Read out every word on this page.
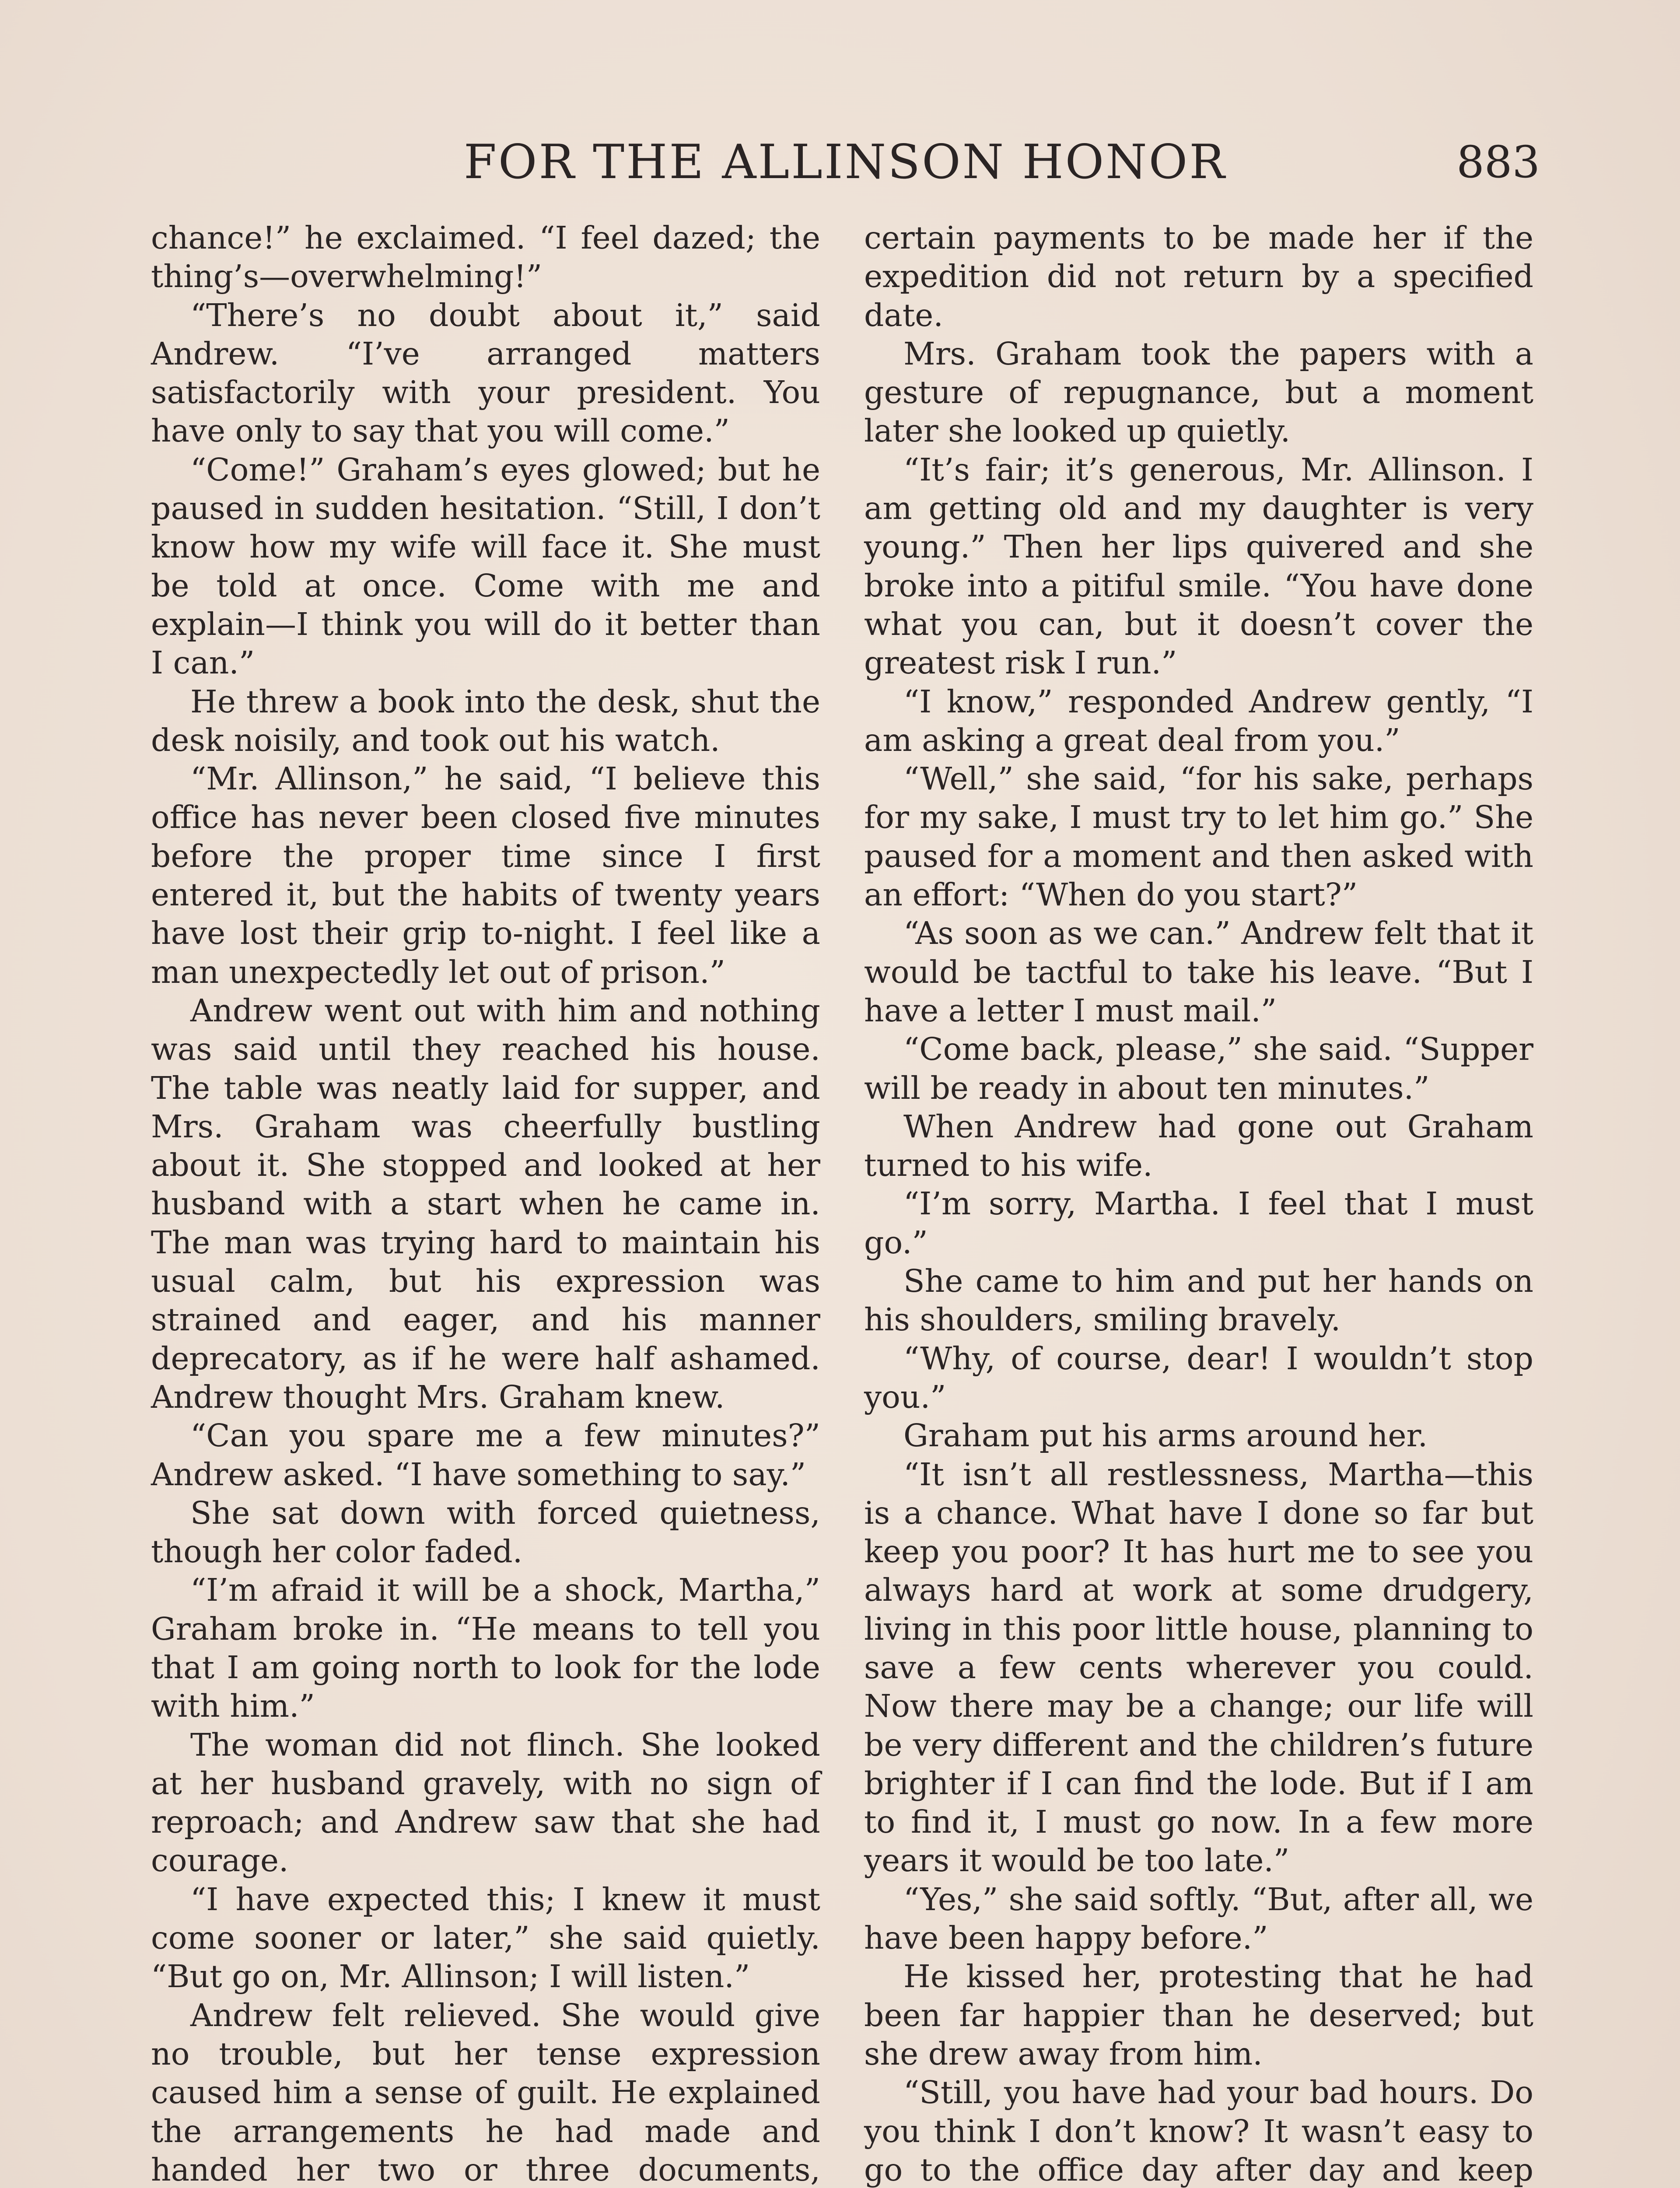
FOR THE ALLINSON HONOR	883

chance!” he exclaimed. “I feel dazed; the thing’s—overwhelming!”

“There’s no doubt about it,” said Andrew. “I’ve arranged matters satisfactorily with your president. You have only to say that you will come.”

“Come!” Graham’s eyes glowed; but he paused in sudden hesitation. “Still, I don’t know how my wife will face it. She must be told at once. Come with me and explain—I think you will do it better than I can.”

He threw a book into the desk, shut the desk noisily, and took out his watch.

“Mr. Allinson,” he said, “I believe this office has never been closed five minutes before the proper time since I first entered it, but the habits of twenty years have lost their grip to-night. I feel like a man unexpectedly let out of prison.”

Andrew went out with him and nothing was said until they reached his house. The table was neatly laid for supper, and Mrs. Graham was cheerfully bustling about it. She stopped and looked at her husband with a start when he came in. The man was trying hard to maintain his usual calm, but his expression was strained and eager, and his manner deprecatory, as if he were half ashamed. Andrew thought Mrs. Graham knew.

“Can you spare me a few minutes?” Andrew asked. “I have something to say.”

She sat down with forced quietness, though her color faded.

“I’m afraid it will be a shock, Martha,” Graham broke in. “He means to tell you that I am going north to look for the lode with him.”

The woman did not flinch. She looked at her husband gravely, with no sign of reproach; and Andrew saw that she had courage.

“I have expected this; I knew it must come sooner or later,” she said quietly. “But go on, Mr. Allinson; I will listen.”

Andrew felt relieved. She would give no trouble, but her tense expression caused him a sense of guilt. He explained the arrangements he had made and handed her two or three documents,

certain payments to be made her if the expedition did not return by a specified date.

Mrs. Graham took the papers with a gesture of repugnance, but a moment later she looked up quietly.

“It’s fair; it’s generous, Mr. Allinson. I am getting old and my daughter is very young.” Then her lips quivered and she broke into a pitiful smile. “You have done what you can, but it doesn’t cover the greatest risk I run.”

“I know,” responded Andrew gently, “I am asking a great deal from you.”

“Well,” she said, “for his sake, perhaps for my sake, I must try to let him go.” She paused for a moment and then asked with an effort: “When do you start?”

“As soon as we can.” Andrew felt that it would be tactful to take his leave. “But I have a letter I must mail.”

“Come back, please,” she said. “Supper will be ready in about ten minutes.”

When Andrew had gone out Graham turned to his wife.

“I’m sorry, Martha. I feel that I must go.”

She came to him and put her hands on his shoulders, smiling bravely.

“Why, of course, dear! I wouldn’t stop you.”

Graham put his arms around her.

“It isn’t all restlessness, Martha—this is a chance. What have I done so far but keep you poor? It has hurt me to see you always hard at work at some drudgery, living in this poor little house, planning to save a few cents wherever you could. Now there may be a change; our life will be very different and the children’s future brighter if I can find the lode. But if I am to find it, I must go now. In a few more years it would be too late.”

“Yes,” she said softly. “But, after all, we have been happy before.”

He kissed her, protesting that he had been far happier than he deserved; but she drew away from him.

“Still, you have had your bad hours. Do you think I don’t know? It wasn’t easy to go to the office day after day and keep
